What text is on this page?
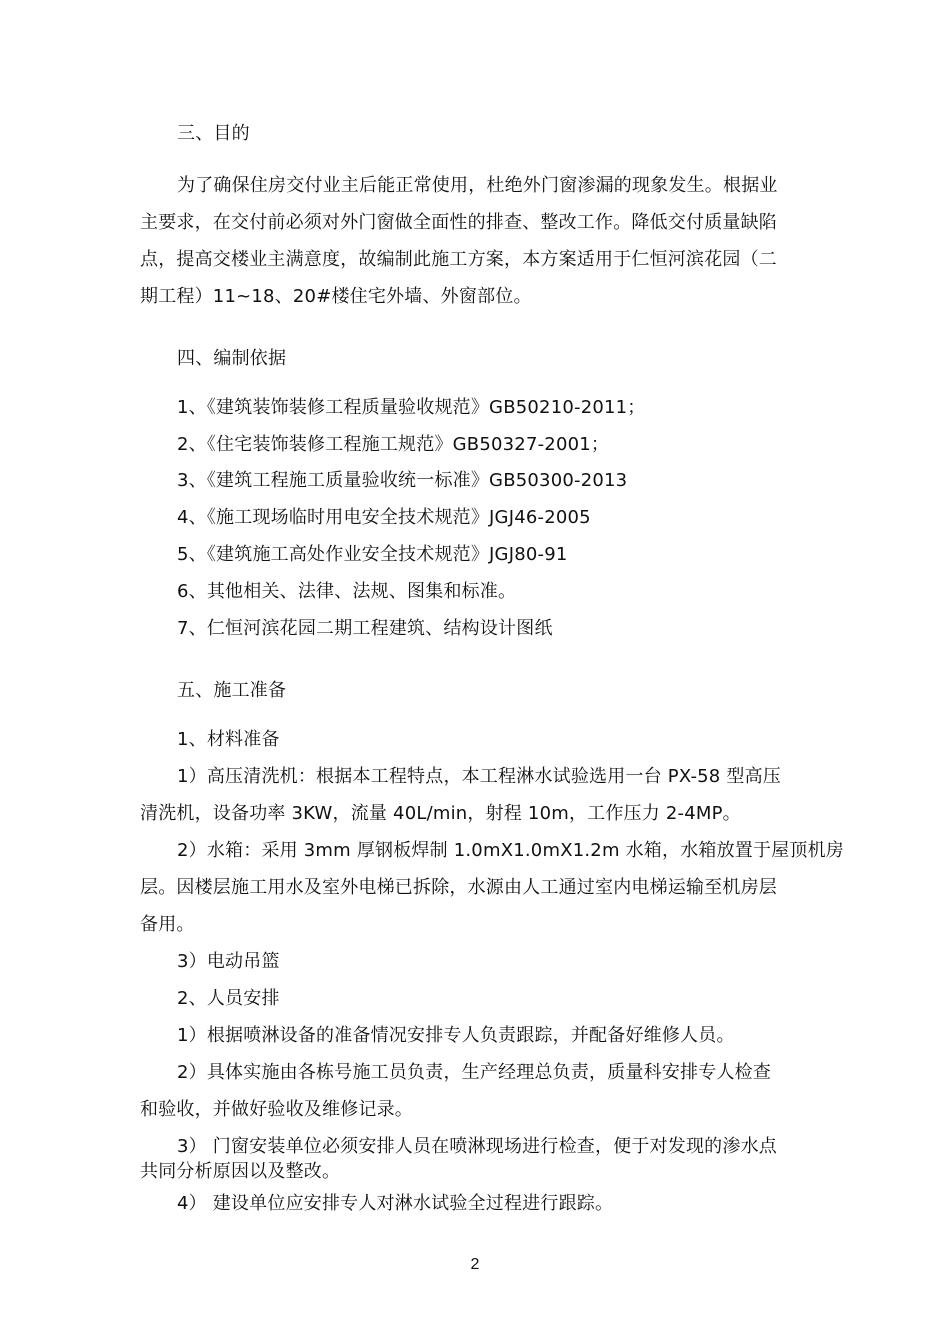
三、目的
为了确保住房交付业主后能正常使用，杜绝外门窗渗漏的现象发生。根据业
主要求，在交付前必须对外门窗做全面性的排查、整改工作。降低交付质量缺陷
点，提高交楼业主满意度，故编制此施工方案，本方案适用于仁恒河滨花园（二
期工程）11~18、20#楼住宅外墙、外窗部位。
四、编制依据
1、《建筑装饰装修工程质量验收规范》GB50210-2011；
2、《住宅装饰装修工程施工规范》GB50327-2001；
3、《建筑工程施工质量验收统一标准》GB50300-2013
4、《施工现场临时用电安全技术规范》JGJ46-2005
5、《建筑施工高处作业安全技术规范》JGJ80-91
6、其他相关、法律、法规、图集和标准。
7、仁恒河滨花园二期工程建筑、结构设计图纸
五、施工准备
1、材料准备
1）高压清洗机：根据本工程特点，本工程淋水试验选用一台 PX-58 型高压
清洗机，设备功率 3KW，流量 40L/min，射程 10m，工作压力 2-4MP。
2）水箱：采用 3mm 厚钢板焊制 1.0mX1.0mX1.2m 水箱，水箱放置于屋顶机房
层。因楼层施工用水及室外电梯已拆除，水源由人工通过室内电梯运输至机房层
备用。
3）电动吊篮
2、人员安排
1）根据喷淋设备的准备情况安排专人负责跟踪，并配备好维修人员。
2）具体实施由各栋号施工员负责，生产经理总负责，质量科安排专人检查
和验收，并做好验收及维修记录。
3） 门窗安装单位必须安排人员在喷淋现场进行检查，便于对发现的渗水点
共同分析原因以及整改。
4） 建设单位应安排专人对淋水试验全过程进行跟踪。
2
